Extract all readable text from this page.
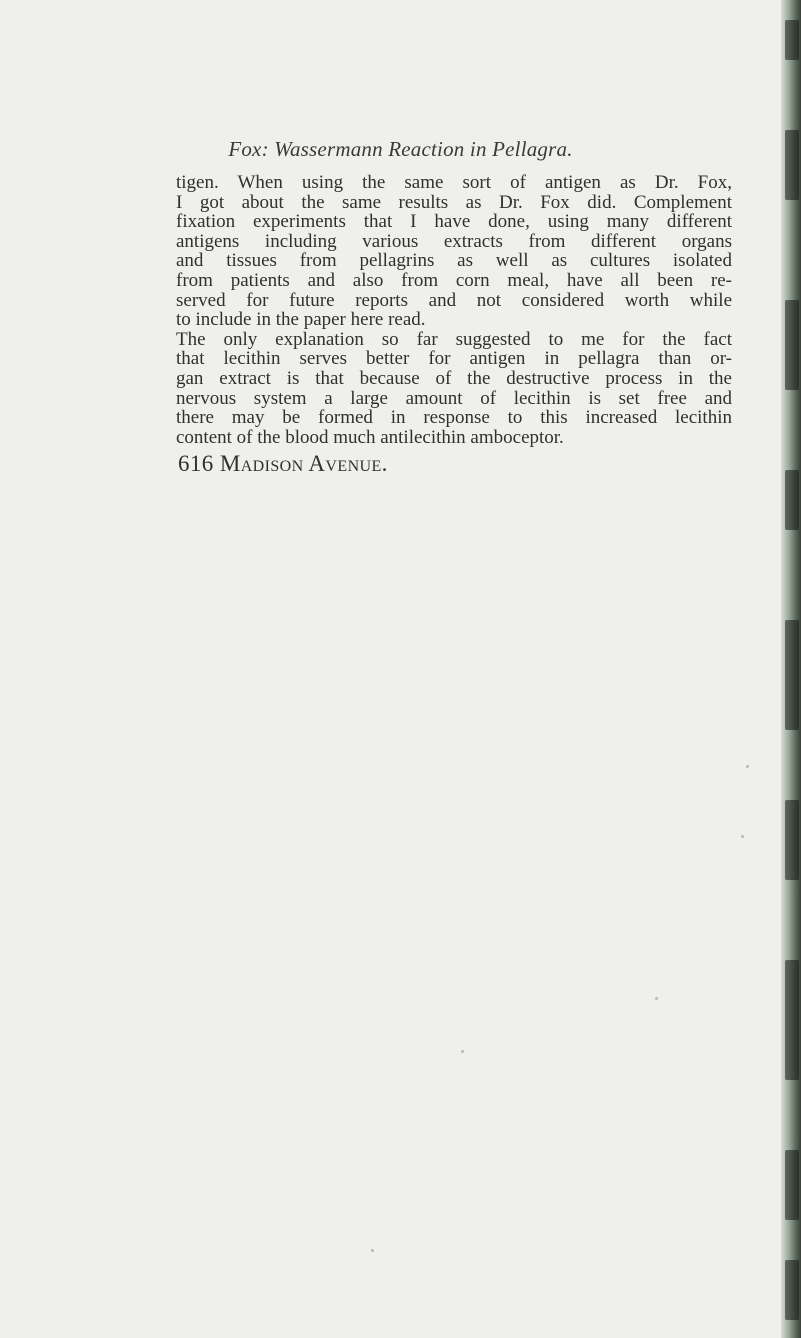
Fox: Wassermann Reaction in Pellagra.
tigen. When using the same sort of antigen as Dr. Fox,
I got about the same results as Dr. Fox did. Complement
fixation experiments that I have done, using many different
antigens including various extracts from different organs
and tissues from pellagrins as well as cultures isolated
from patients and also from corn meal, have all been re-
served for future reports and not considered worth while
to include in the paper here read.
The only explanation so far suggested to me for the fact
that lecithin serves better for antigen in pellagra than or-
gan extract is that because of the destructive process in the
nervous system a large amount of lecithin is set free and
there may be formed in response to this increased lecithin
content of the blood much antilecithin amboceptor.
616 Madison Avenue.
